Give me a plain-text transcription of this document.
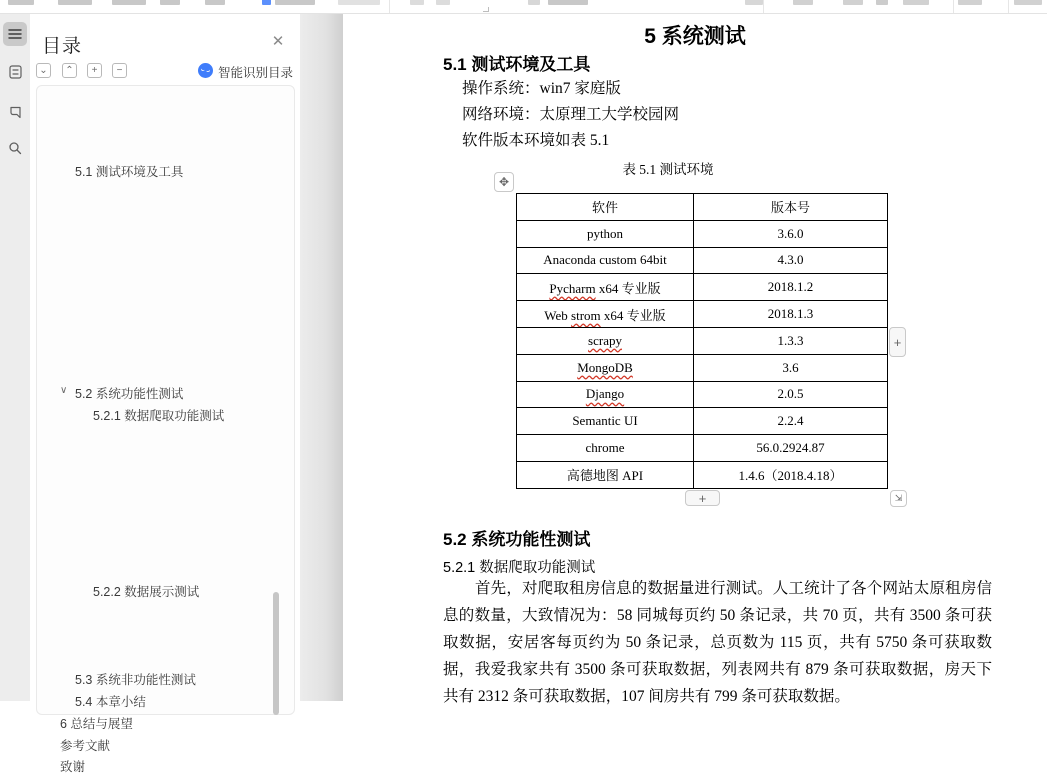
目录	✕
⌄	⌃	+	−	智能识别目录
5.1 测试环境及工具
∨ 5.2 系统功能性测试
5.2.1 数据爬取功能测试
5.2.2 数据展示测试
5.3 系统非功能性测试
5.4 本章小结
6 总结与展望
参考文献
致谢
5 系统测试
5.1 测试环境及工具
操作系统：win7 家庭版
网络环境：太原理工大学校园网
软件版本环境如表 5.1
表 5.1 测试环境
✥
软件	版本号
python	3.6.0
Anaconda custom 64bit	4.3.0
Pycharm x64 专业版	2018.1.2
Web strom x64 专业版	2018.1.3
scrapy	1.3.3
MongoDB	3.6
Django	2.0.5
Semantic UI	2.2.4
chrome	56.0.2924.87
高德地图 API	1.4.6（2018.4.18）
+
+	⇲
5.2 系统功能性测试
5.2.1 数据爬取功能测试
首先，对爬取租房信息的数据量进行测试。人工统计了各个网站太原租房信息的数量，大致情况为：58 同城每页约 50 条记录，共 70 页，共有 3500 条可获取数据，安居客每页约为 50 条记录，总页数为 115 页，共有 5750 条可获取数据，我爱我家共有 3500 条可获取数据，列表网共有 879 条可获取数据，房天下共有 2312 条可获取数据，107 间房共有 799 条可获取数据。
